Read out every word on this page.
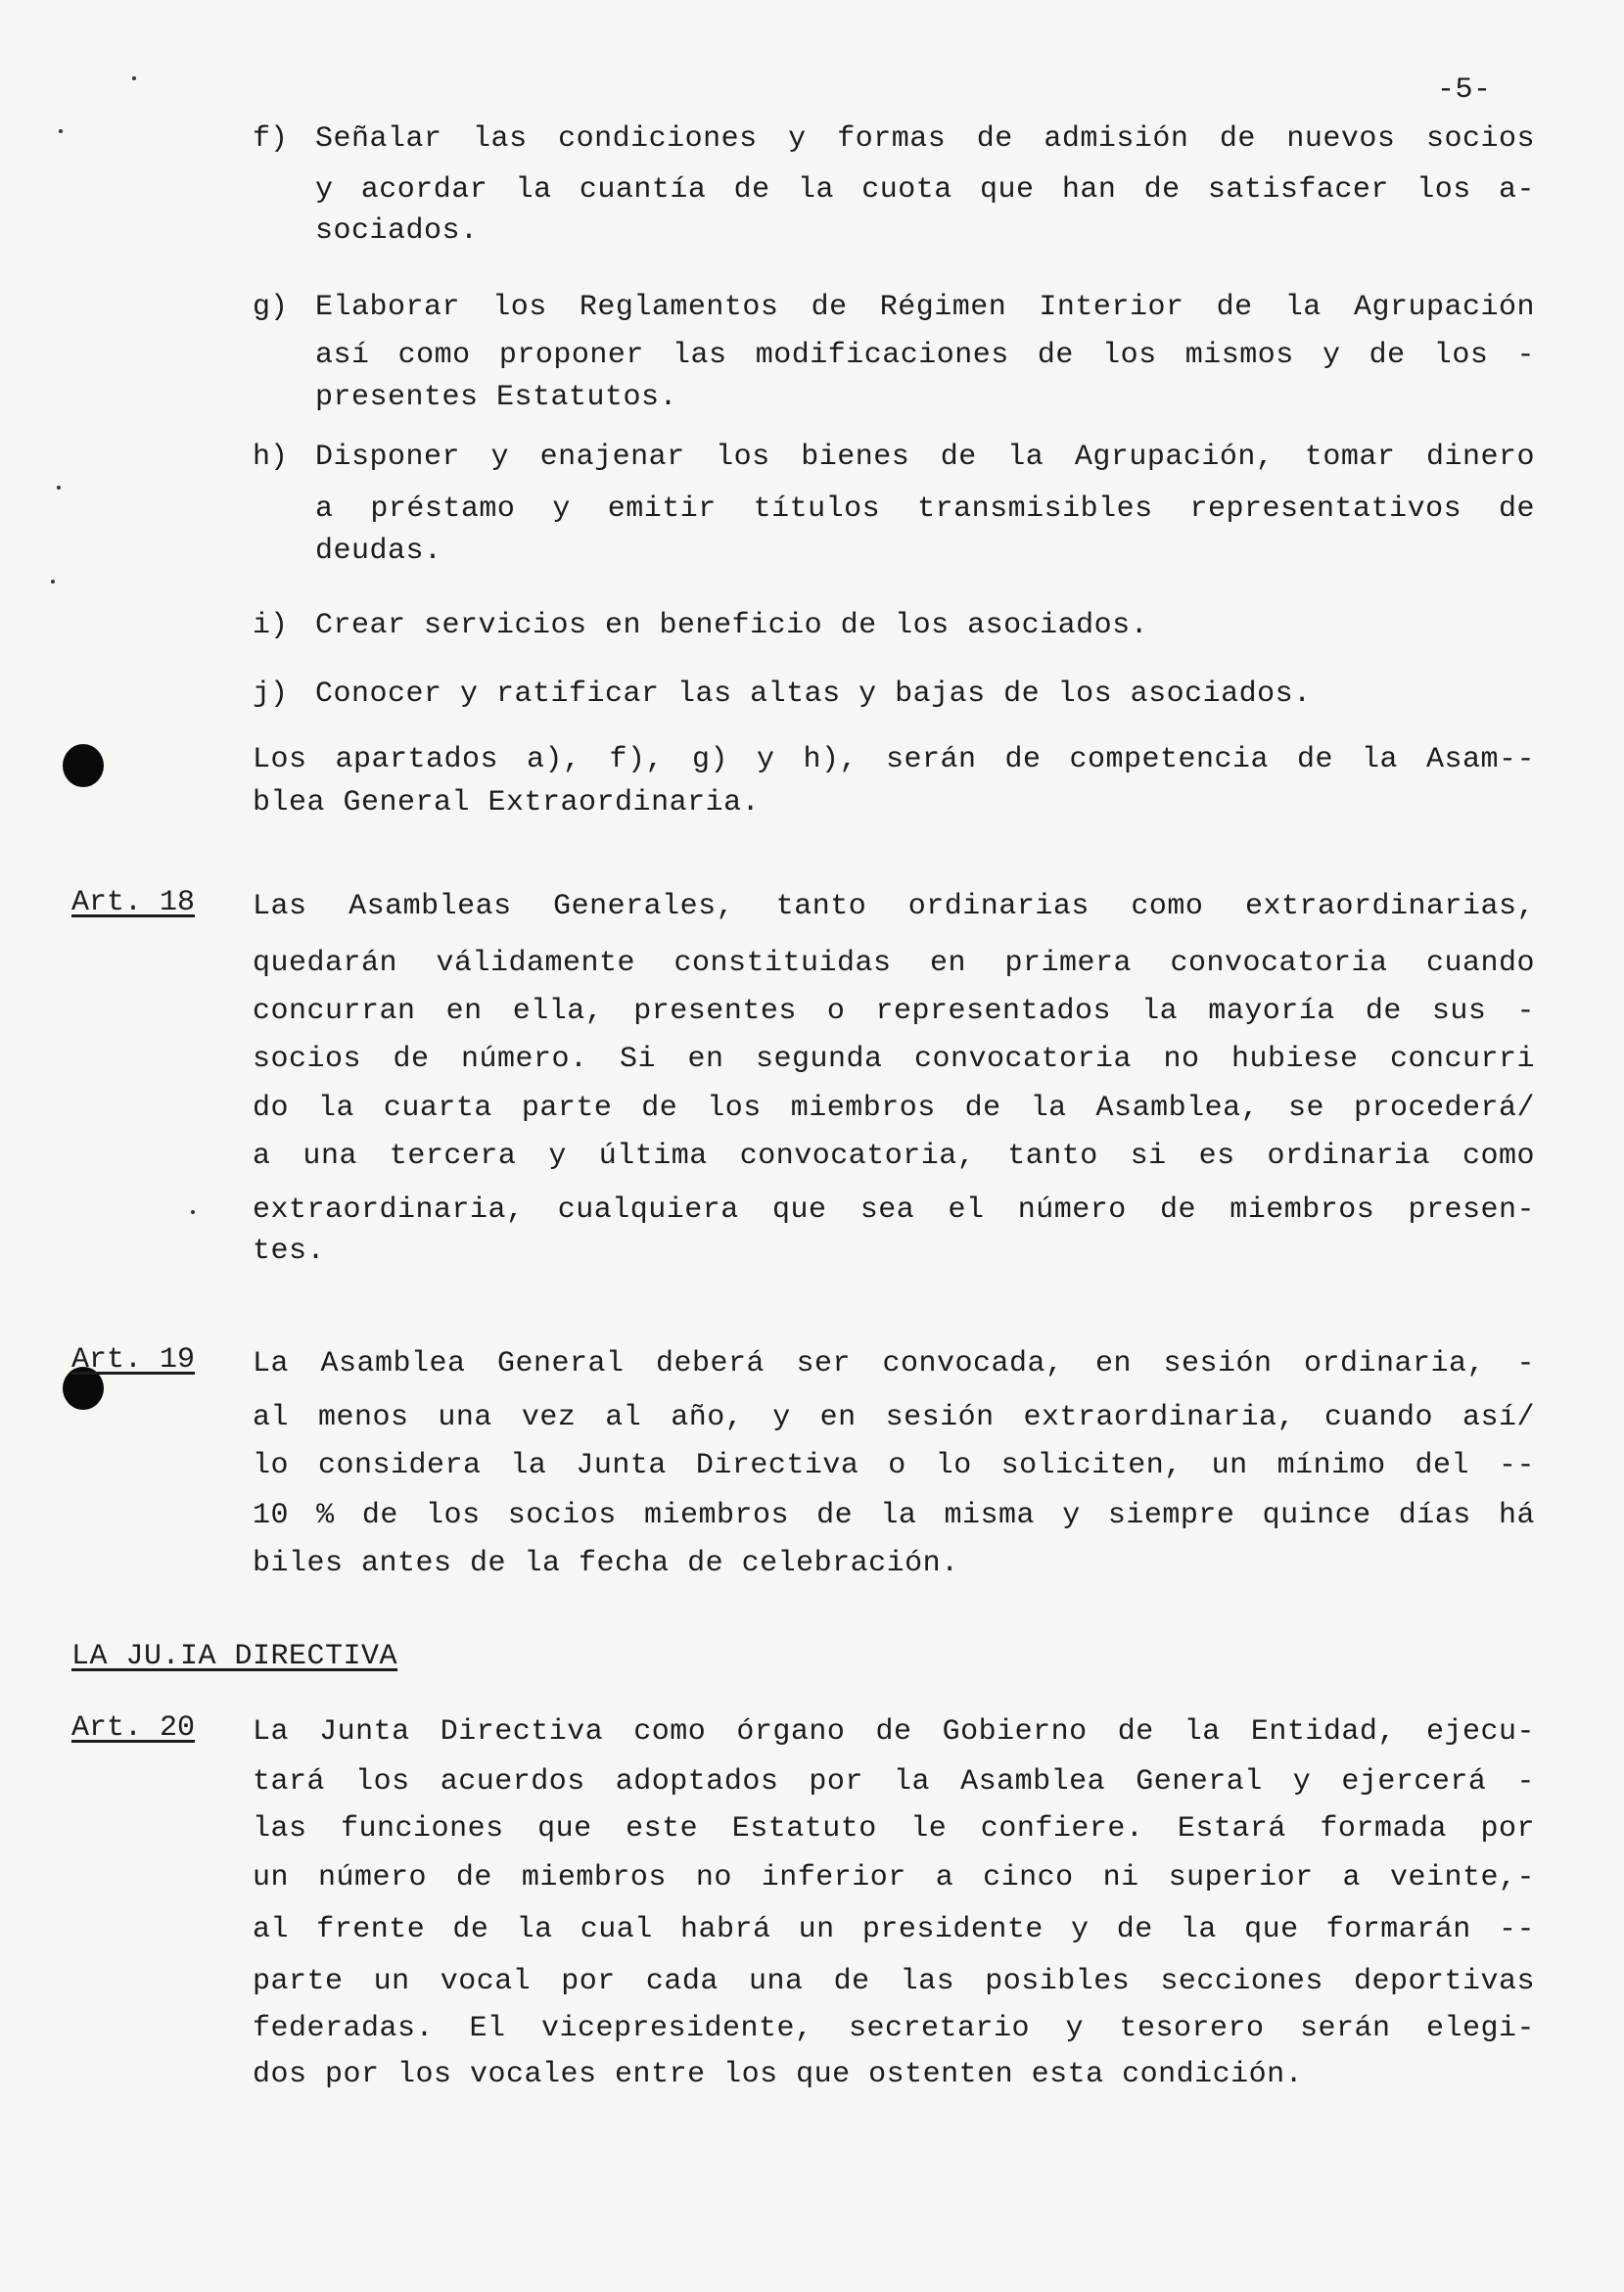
-5-
LA JU.IA DIRECTIVA
f) Señalar las condiciones y formas de admisión de nuevos socios
y acordar la cuantía de la cuota que han de satisfacer los a-
sociados.
g) Elaborar los Reglamentos de Régimen Interior de la Agrupación
así como proponer las modificaciones de los mismos y de los -
presentes Estatutos.
h) Disponer y enajenar los bienes de la Agrupación, tomar dinero
a préstamo y emitir títulos transmisibles representativos de
deudas.
i) Crear servicios en beneficio de los asociados.
j) Conocer y ratificar las altas y bajas de los asociados.
Los apartados a), f), g) y h), serán de competencia de la Asam--
blea General Extraordinaria.
Art. 18 Las Asambleas Generales, tanto ordinarias como extraordinarias,
quedarán válidamente constituidas en primera convocatoria cuando
concurran en ella, presentes o representados la mayoría de sus -
socios de número. Si en segunda convocatoria no hubiese concurri
do la cuarta parte de los miembros de la Asamblea, se procederá/
a una tercera y última convocatoria, tanto si es ordinaria como
extraordinaria, cualquiera que sea el número de miembros presen-
tes.
Art. 19 La Asamblea General deberá ser convocada, en sesión ordinaria, -
al menos una vez al año, y en sesión extraordinaria, cuando así/
lo considera la Junta Directiva o lo soliciten, un mínimo del --
10 % de los socios miembros de la misma y siempre quince días há
biles antes de la fecha de celebración.
Art. 20 La Junta Directiva como órgano de Gobierno de la Entidad, ejecu-
tará los acuerdos adoptados por la Asamblea General y ejercerá -
las funciones que este Estatuto le confiere. Estará formada por
un número de miembros no inferior a cinco ni superior a veinte,-
al frente de la cual habrá un presidente y de la que formarán --
parte un vocal por cada una de las posibles secciones deportivas
federadas. El vicepresidente, secretario y tesorero serán elegi-
dos por los vocales entre los que ostenten esta condición.
